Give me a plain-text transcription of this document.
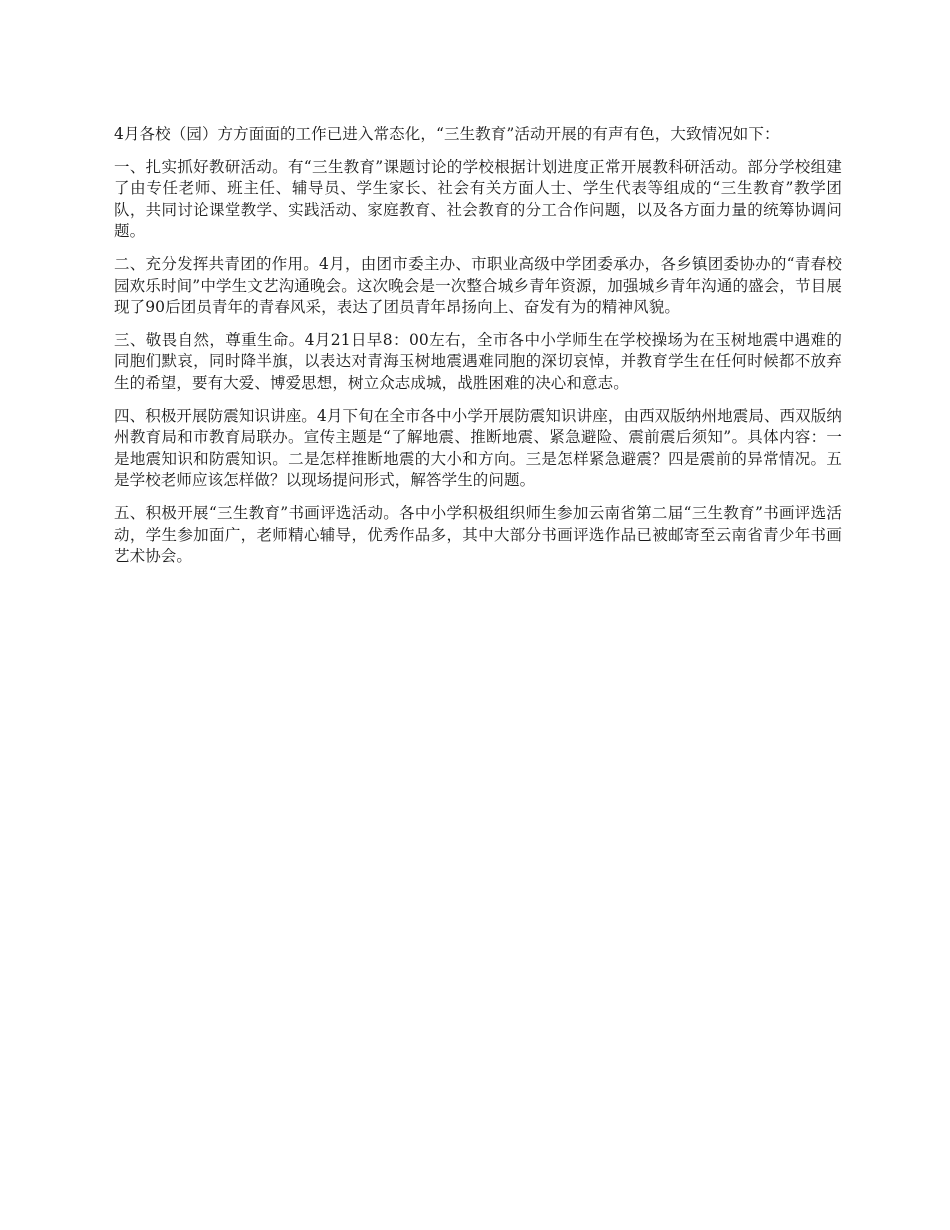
4月各校（园）方方面面的工作已进入常态化，“三生教育”活动开展的有声有色，大致情况如下：

一、扎实抓好教研活动。有“三生教育”课题讨论的学校根据计划进度正常开展教科研活动。部分学校组建了由专任老师、班主任、辅导员、学生家长、社会有关方面人士、学生代表等组成的“三生教育”教学团队，共同讨论课堂教学、实践活动、家庭教育、社会教育的分工合作问题，以及各方面力量的统筹协调问题。

二、充分发挥共青团的作用。4月，由团市委主办、市职业高级中学团委承办，各乡镇团委协办的“青春校园欢乐时间”中学生文艺沟通晚会。这次晚会是一次整合城乡青年资源，加强城乡青年沟通的盛会，节目展现了90后团员青年的青春风采，表达了团员青年昂扬向上、奋发有为的精神风貌。

三、敬畏自然，尊重生命。4月21日早8：00左右，全市各中小学师生在学校操场为在玉树地震中遇难的同胞们默哀，同时降半旗，以表达对青海玉树地震遇难同胞的深切哀悼，并教育学生在任何时候都不放弃生的希望，要有大爱、博爱思想，树立众志成城，战胜困难的决心和意志。

四、积极开展防震知识讲座。4月下旬在全市各中小学开展防震知识讲座，由西双版纳州地震局、西双版纳州教育局和市教育局联办。宣传主题是“了解地震、推断地震、紧急避险、震前震后须知”。具体内容：一是地震知识和防震知识。二是怎样推断地震的大小和方向。三是怎样紧急避震？四是震前的异常情况。五是学校老师应该怎样做？以现场提问形式，解答学生的问题。

五、积极开展“三生教育”书画评选活动。各中小学积极组织师生参加云南省第二届“三生教育”书画评选活动，学生参加面广，老师精心辅导，优秀作品多，其中大部分书画评选作品已被邮寄至云南省青少年书画艺术协会。
